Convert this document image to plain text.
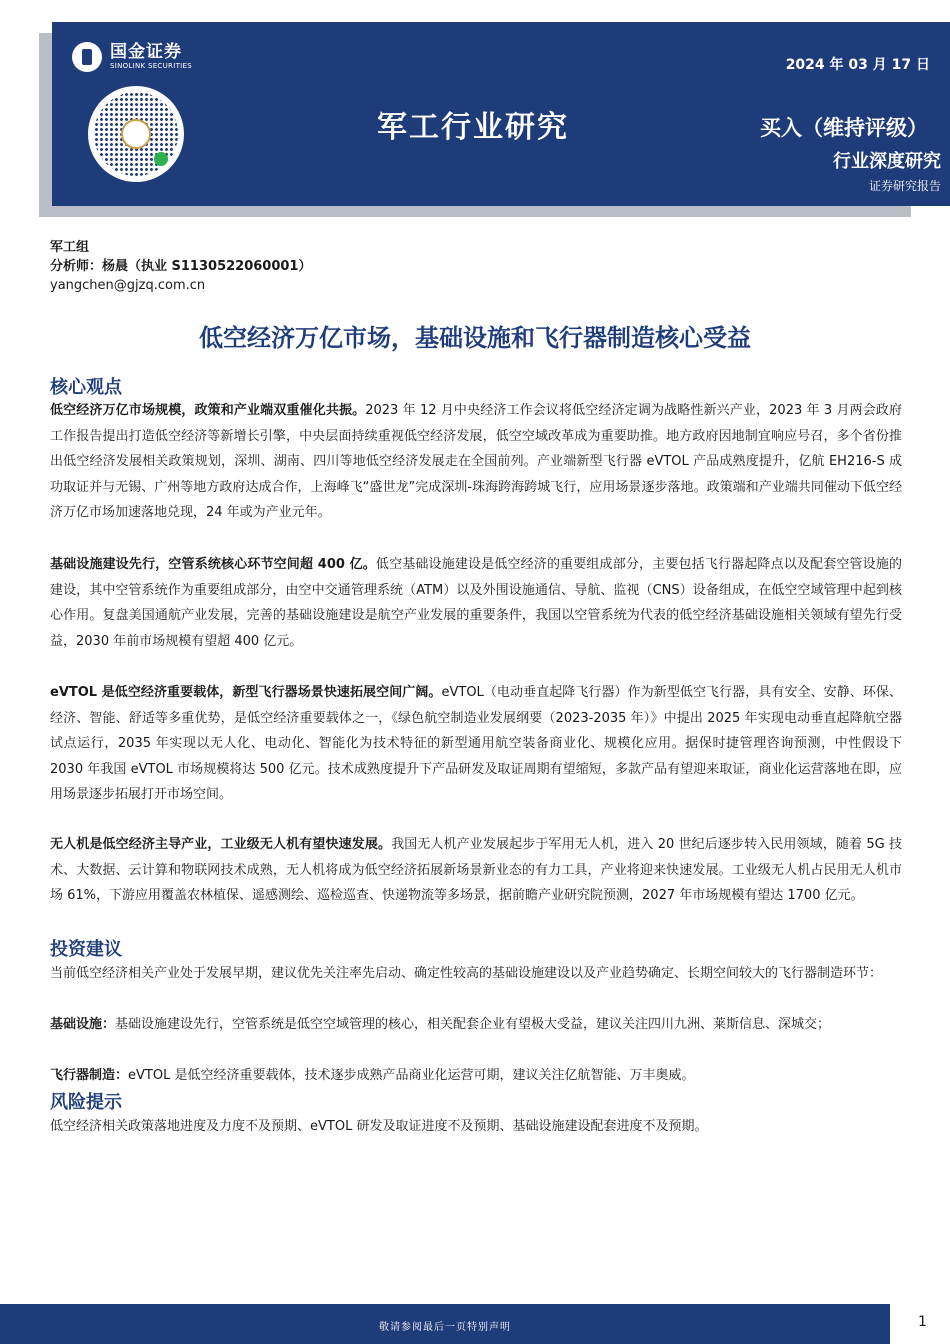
国金证券
SINOLINK SECURITIES	2024 年 03 月 17 日
军工行业研究	买入（维持评级）
行业深度研究
证券研究报告
军工组
分析师：杨晨（执业 S1130522060001）
yangchen@gjzq.com.cn
低空经济万亿市场，基础设施和飞行器制造核心受益
核心观点
低空经济万亿市场规模，政策和产业端双重催化共振。2023 年 12 月中央经济工作会议将低空经济定调为战略性新兴产业，2023 年 3 月两会政府工作报告提出打造低空经济等新增长引擎，中央层面持续重视低空经济发展，低空空域改革成为重要助推。地方政府因地制宜响应号召，多个省份推出低空经济发展相关政策规划，深圳、湖南、四川等地低空经济发展走在全国前列。产业端新型飞行器 eVTOL 产品成熟度提升，亿航 EH216-S 成功取证并与无锡、广州等地方政府达成合作，上海峰飞“盛世龙”完成深圳-珠海跨海跨城飞行，应用场景逐步落地。政策端和产业端共同催动下低空经济万亿市场加速落地兑现，24 年或为产业元年。
基础设施建设先行，空管系统核心环节空间超 400 亿。低空基础设施建设是低空经济的重要组成部分，主要包括飞行器起降点以及配套空管设施的建设，其中空管系统作为重要组成部分，由空中交通管理系统（ATM）以及外围设施通信、导航、监视（CNS）设备组成，在低空空域管理中起到核心作用。复盘美国通航产业发展，完善的基础设施建设是航空产业发展的重要条件，我国以空管系统为代表的低空经济基础设施相关领域有望先行受益，2030 年前市场规模有望超 400 亿元。
eVTOL 是低空经济重要载体，新型飞行器场景快速拓展空间广阔。eVTOL（电动垂直起降飞行器）作为新型低空飞行器，具有安全、安静、环保、经济、智能、舒适等多重优势，是低空经济重要载体之一，《绿色航空制造业发展纲要（2023-2035 年）》中提出 2025 年实现电动垂直起降航空器试点运行，2035 年实现以无人化、电动化、智能化为技术特征的新型通用航空装备商业化、规模化应用。据保时捷管理咨询预测，中性假设下 2030 年我国 eVTOL 市场规模将达 500 亿元。技术成熟度提升下产品研发及取证周期有望缩短，多款产品有望迎来取证，商业化运营落地在即，应用场景逐步拓展打开市场空间。
无人机是低空经济主导产业，工业级无人机有望快速发展。我国无人机产业发展起步于军用无人机，进入 20 世纪后逐步转入民用领域，随着 5G 技术、大数据、云计算和物联网技术成熟，无人机将成为低空经济拓展新场景新业态的有力工具，产业将迎来快速发展。工业级无人机占民用无人机市场 61%，下游应用覆盖农林植保、遥感测绘、巡检巡查、快递物流等多场景，据前瞻产业研究院预测，2027 年市场规模有望达 1700 亿元。
投资建议
当前低空经济相关产业处于发展早期，建议优先关注率先启动、确定性较高的基础设施建设以及产业趋势确定、长期空间较大的飞行器制造环节：
基础设施：基础设施建设先行，空管系统是低空空域管理的核心，相关配套企业有望极大受益，建议关注四川九洲、莱斯信息、深城交；
飞行器制造：eVTOL 是低空经济重要载体，技术逐步成熟产品商业化运营可期，建议关注亿航智能、万丰奥威。
风险提示
低空经济相关政策落地进度及力度不及预期、eVTOL 研发及取证进度不及预期、基础设施建设配套进度不及预期。
敬请参阅最后一页特别声明	1
